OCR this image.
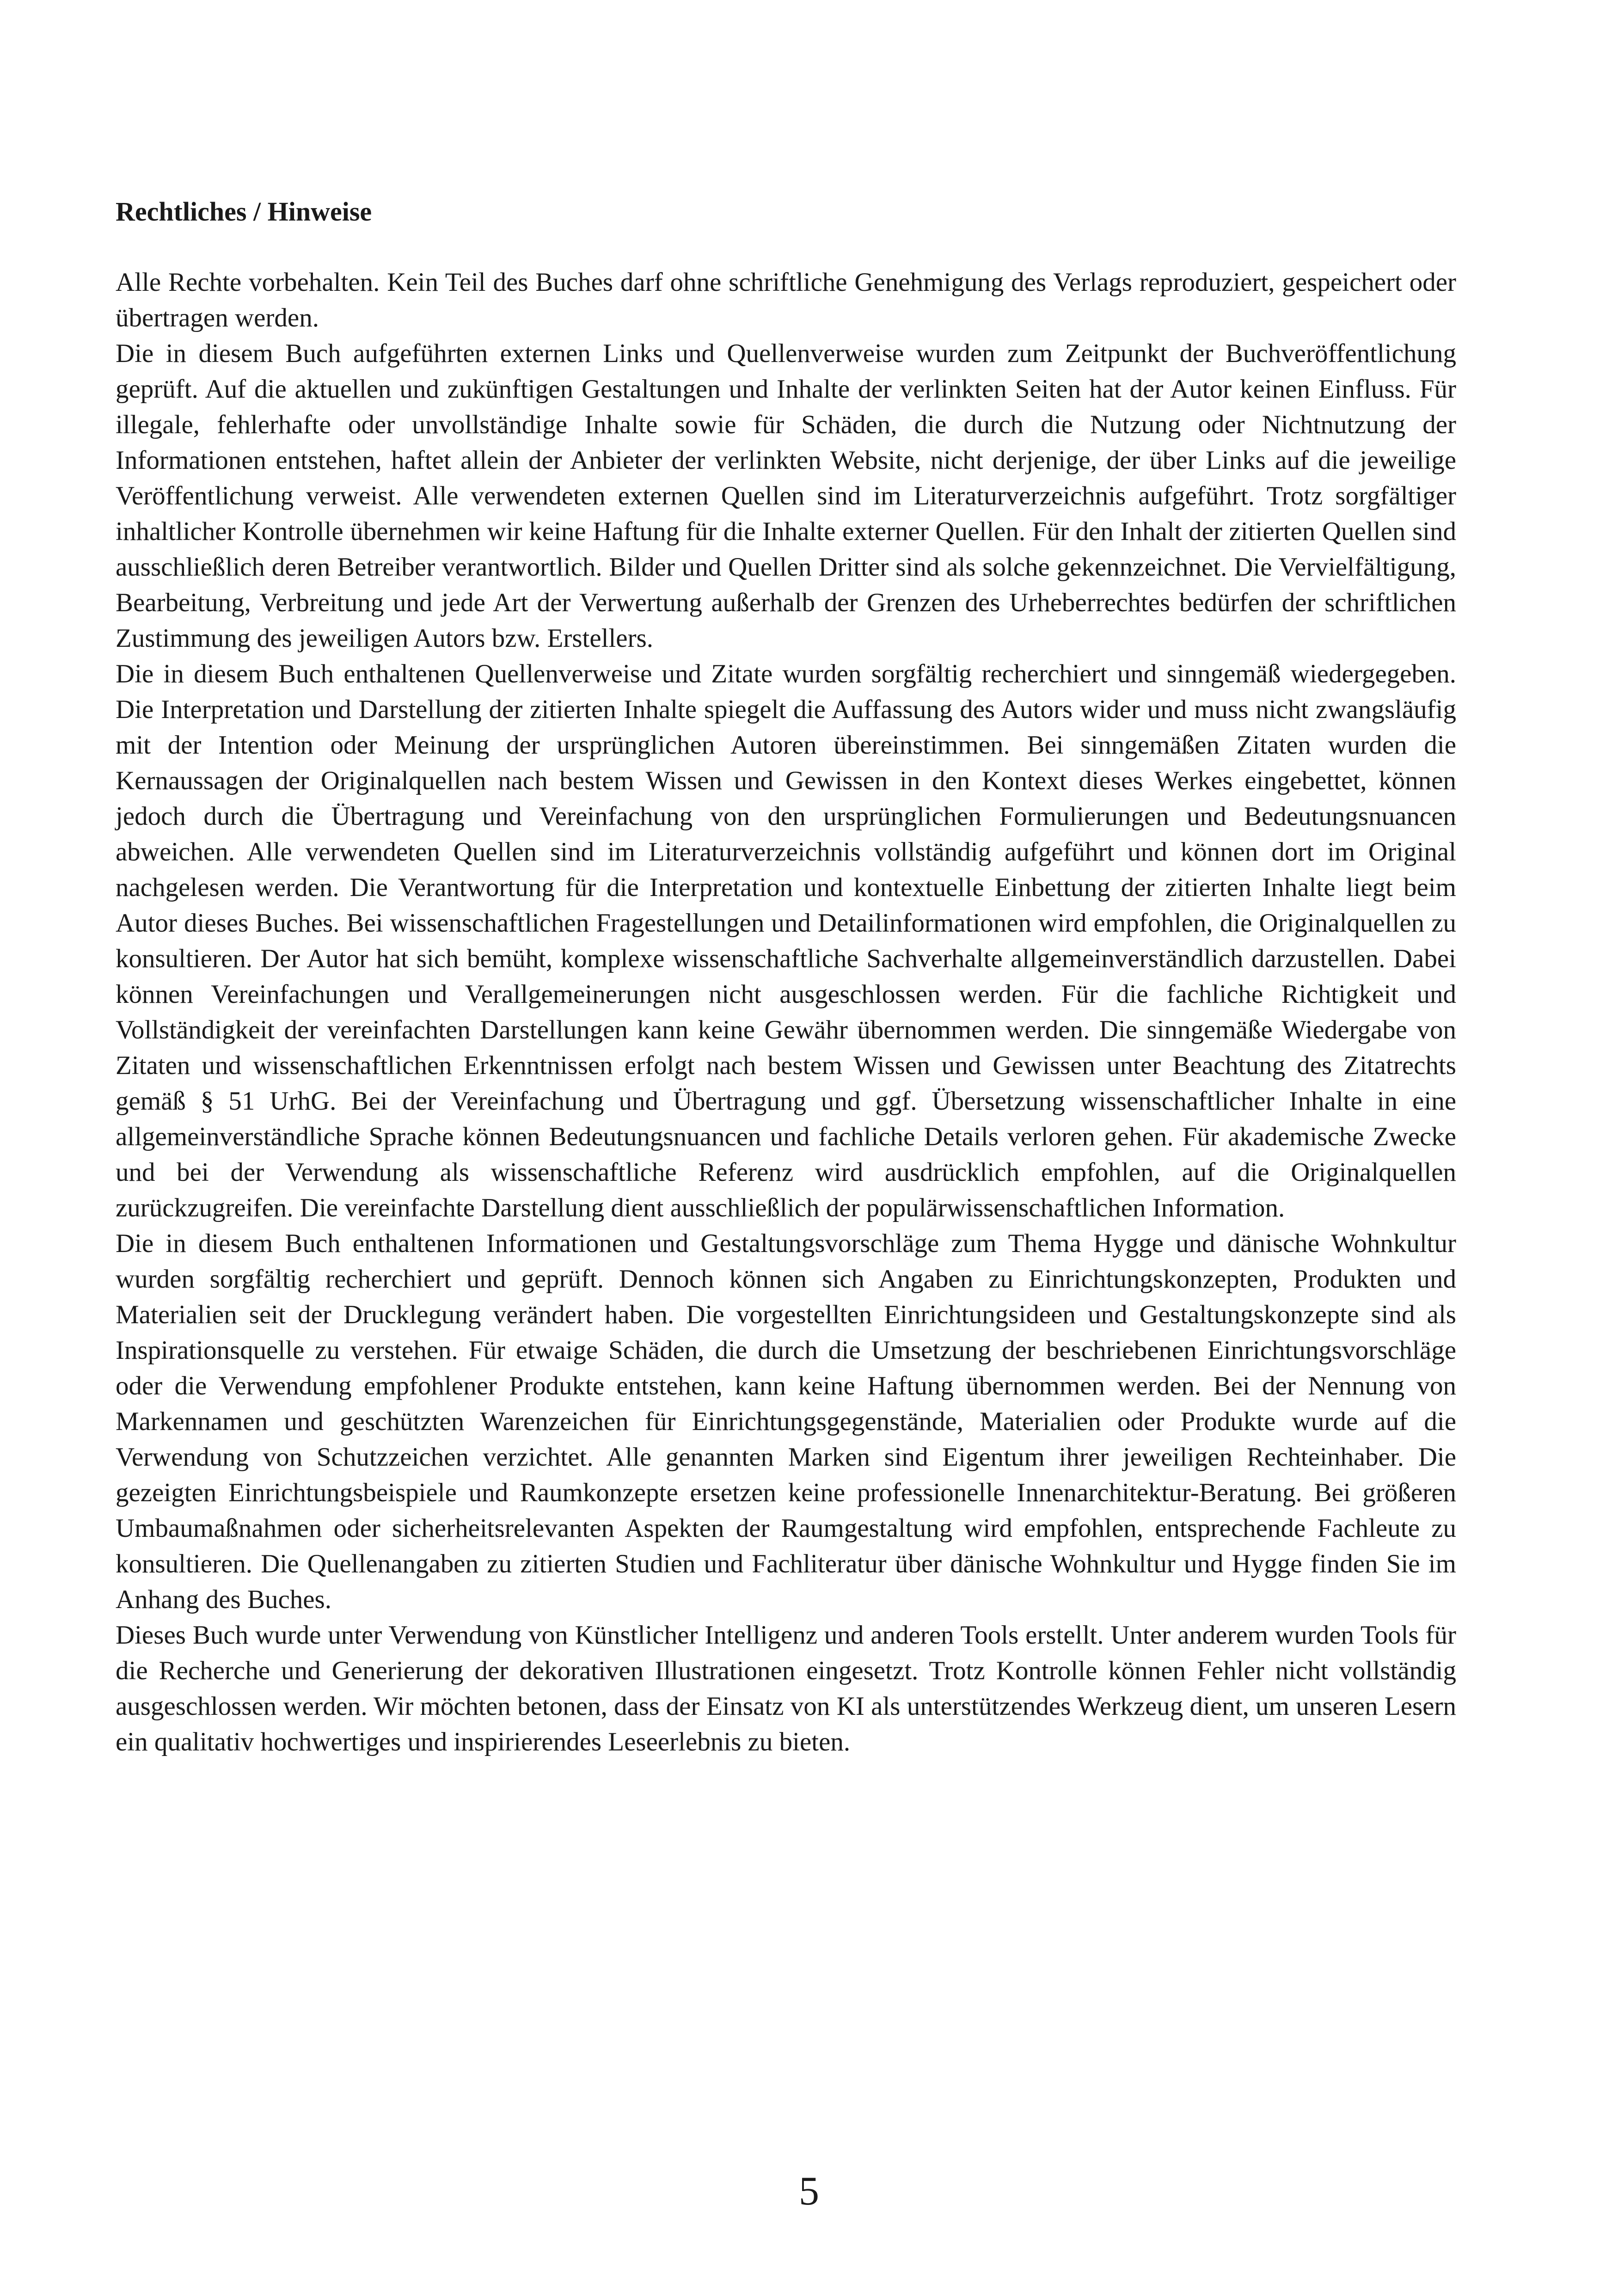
Rechtliches / Hinweise

Alle Rechte vorbehalten. Kein Teil des Buches darf ohne schriftliche Genehmigung des Verlags reproduziert, gespeichert oder übertragen werden.

Die in diesem Buch aufgeführten externen Links und Quellenverweise wurden zum Zeitpunkt der Buchveröffentlichung geprüft. Auf die aktuellen und zukünftigen Gestaltungen und Inhalte der verlinkten Seiten hat der Autor keinen Einfluss. Für illegale, fehlerhafte oder unvollständige Inhalte sowie für Schäden, die durch die Nutzung oder Nichtnutzung der Informationen entstehen, haftet allein der Anbieter der verlinkten Website, nicht derjenige, der über Links auf die jeweilige Veröffentlichung verweist. Alle verwendeten externen Quellen sind im Literaturverzeichnis aufgeführt. Trotz sorgfältiger inhaltlicher Kontrolle übernehmen wir keine Haftung für die Inhalte externer Quellen. Für den Inhalt der zitierten Quellen sind ausschließlich deren Betreiber verantwortlich. Bilder und Quellen Dritter sind als solche gekennzeichnet. Die Vervielfältigung, Bearbeitung, Verbreitung und jede Art der Verwertung außerhalb der Grenzen des Urheberrechtes bedürfen der schriftlichen Zustimmung des jeweiligen Autors bzw. Erstellers.

Die in diesem Buch enthaltenen Quellenverweise und Zitate wurden sorgfältig recherchiert und sinngemäß wiedergegeben. Die Interpretation und Darstellung der zitierten Inhalte spiegelt die Auffassung des Autors wider und muss nicht zwangsläufig mit der Intention oder Meinung der ursprünglichen Autoren übereinstimmen. Bei sinngemäßen Zitaten wurden die Kernaussagen der Originalquellen nach bestem Wissen und Gewissen in den Kontext dieses Werkes eingebettet, können jedoch durch die Übertragung und Vereinfachung von den ursprünglichen Formulierungen und Bedeutungsnuancen abweichen. Alle verwendeten Quellen sind im Literaturverzeichnis vollständig aufgeführt und können dort im Original nachgelesen werden. Die Verantwortung für die Interpretation und kontextuelle Einbettung der zitierten Inhalte liegt beim Autor dieses Buches. Bei wissenschaftlichen Fragestellungen und Detailinformationen wird empfohlen, die Originalquellen zu konsultieren. Der Autor hat sich bemüht, komplexe wissenschaftliche Sachverhalte allgemeinverständlich darzustellen. Dabei können Vereinfachungen und Verallgemeinerungen nicht ausgeschlossen werden. Für die fachliche Richtigkeit und Vollständigkeit der vereinfachten Darstellungen kann keine Gewähr übernommen werden. Die sinngemäße Wiedergabe von Zitaten und wissenschaftlichen Erkenntnissen erfolgt nach bestem Wissen und Gewissen unter Beachtung des Zitatrechts gemäß § 51 UrhG. Bei der Vereinfachung und Übertragung und ggf. Übersetzung wissenschaftlicher Inhalte in eine allgemeinverständliche Sprache können Bedeutungsnuancen und fachliche Details verloren gehen. Für akademische Zwecke und bei der Verwendung als wissenschaftliche Referenz wird ausdrücklich empfohlen, auf die Originalquellen zurückzugreifen. Die vereinfachte Darstellung dient ausschließlich der populärwissenschaftlichen Information.

Die in diesem Buch enthaltenen Informationen und Gestaltungsvorschläge zum Thema Hygge und dänische Wohnkultur wurden sorgfältig recherchiert und geprüft. Dennoch können sich Angaben zu Einrichtungskonzepten, Produkten und Materialien seit der Drucklegung verändert haben. Die vorgestellten Einrichtungsideen und Gestaltungskonzepte sind als Inspirationsquelle zu verstehen. Für etwaige Schäden, die durch die Umsetzung der beschriebenen Einrichtungsvorschläge oder die Verwendung empfohlener Produkte entstehen, kann keine Haftung übernommen werden. Bei der Nennung von Markennamen und geschützten Warenzeichen für Einrichtungsgegenstände, Materialien oder Produkte wurde auf die Verwendung von Schutzzeichen verzichtet. Alle genannten Marken sind Eigentum ihrer jeweiligen Rechteinhaber. Die gezeigten Einrichtungsbeispiele und Raumkonzepte ersetzen keine professionelle Innenarchitektur-Beratung. Bei größeren Umbaumaßnahmen oder sicherheitsrelevanten Aspekten der Raumgestaltung wird empfohlen, entsprechende Fachleute zu konsultieren. Die Quellenangaben zu zitierten Studien und Fachliteratur über dänische Wohnkultur und Hygge finden Sie im Anhang des Buches.

Dieses Buch wurde unter Verwendung von Künstlicher Intelligenz und anderen Tools erstellt. Unter anderem wurden Tools für die Recherche und Generierung der dekorativen Illustrationen eingesetzt. Trotz Kontrolle können Fehler nicht vollständig ausgeschlossen werden. Wir möchten betonen, dass der Einsatz von KI als unterstützendes Werkzeug dient, um unseren Lesern ein qualitativ hochwertiges und inspirierendes Leseerlebnis zu bieten.

5
